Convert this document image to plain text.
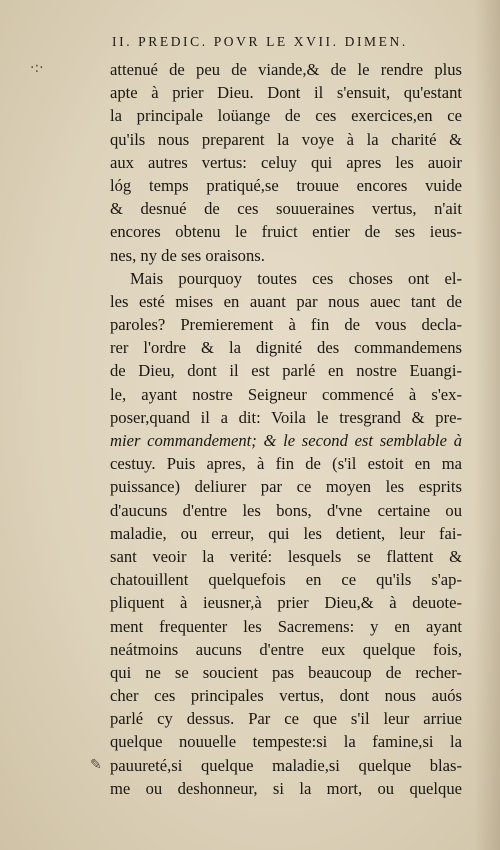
·:·
✎
II. PREDIC. POVR LE XVII. DIMEN.
attenué de peu de viande,& de le rendre plus
apte à prier Dieu. Dont il s'ensuit, qu'estant
la principale loüange de ces exercices,en ce
qu'ils nous preparent la voye à la charité &
aux autres vertus: celuy qui apres les auoir
lóg temps pratiqué,se trouue encores vuide
& desnué de ces souueraines vertus, n'ait
encores obtenu le fruict entier de ses ieus-
nes, ny de ses oraisons.
Mais pourquoy toutes ces choses ont el-
les esté mises en auant par nous auec tant de
paroles? Premierement à fin de vous decla-
rer l'ordre & la dignité des commandemens
de Dieu, dont il est parlé en nostre Euangi-
le, ayant nostre Seigneur commencé à s'ex-
poser,quand il a dit: Voila le tresgrand & pre-
mier commandement; & le second est semblable à
cestuy. Puis apres, à fin de (s'il estoit en ma
puissance) deliurer par ce moyen les esprits
d'aucuns d'entre les bons, d'vne certaine ou
maladie, ou erreur, qui les detient, leur fai-
sant veoir la verité: lesquels se flattent &
chatouillent quelquefois en ce qu'ils s'ap-
pliquent à ieusner,à prier Dieu,& à deuote-
ment frequenter les Sacremens: y en ayant
neátmoins aucuns d'entre eux quelque fois,
qui ne se soucient pas beaucoup de recher-
cher ces principales vertus, dont nous auós
parlé cy dessus. Par ce que s'il leur arriue
quelque nouuelle tempeste:si la famine,si la
pauureté,si quelque maladie,si quelque blas-
me ou deshonneur, si la mort, ou quelque
